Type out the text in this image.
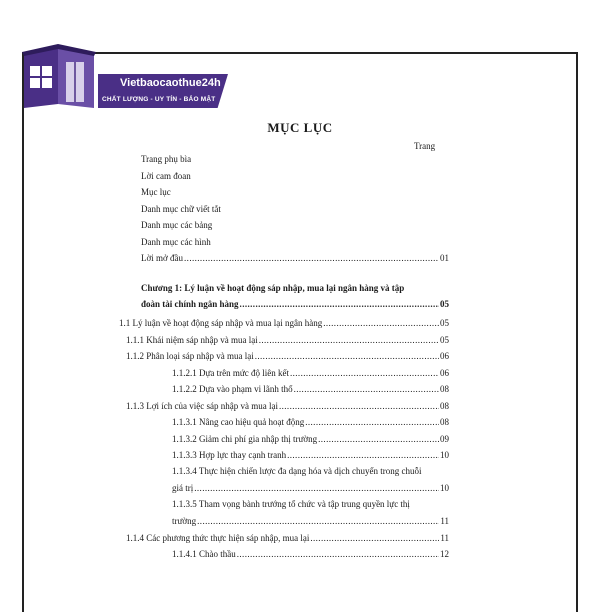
Vietbaocaothue24h
CHẤT LƯỢNG - UY TÍN - BẢO MẬT
MỤC LỤC
Trang
Trang phụ bìa
Lời cam đoan
Mục lục
Danh mục chữ viết tắt
Danh mục các bảng
Danh mục các hình
Lời mở đầu .....	01
Chương 1: Lý luận về hoạt động sáp nhập, mua lại ngân hàng và tập
đoàn tài chính ngân hàng .....	05
1.1 Lý luận về hoạt động sáp nhập và mua lại ngân hàng .....	05
1.1.1 Khái niệm sáp nhập và mua lại .....	05
1.1.2 Phân loại sáp nhập và mua lại .....	06
1.1.2.1 Dựa trên mức độ liên kết .....	06
1.1.2.2 Dựa vào phạm vi lãnh thổ .....	08
1.1.3 Lợi ích của việc sáp nhập và mua lại .....	08
1.1.3.1 Nâng cao hiệu quả hoạt động .....	08
1.1.3.2 Giảm chi phí gia nhập thị trường .....	09
1.1.3.3 Hợp lực thay cạnh tranh .....	10
1.1.3.4 Thực hiện chiến lược đa dạng hóa và dịch chuyển trong chuỗi
giá trị .....	10
1.1.3.5 Tham vọng bành trướng tổ chức và tập trung quyền lực thị
trường .....	11
1.1.4 Các phương thức thực hiện sáp nhập, mua lại .....	11
1.1.4.1 Chào thầu .....	12
